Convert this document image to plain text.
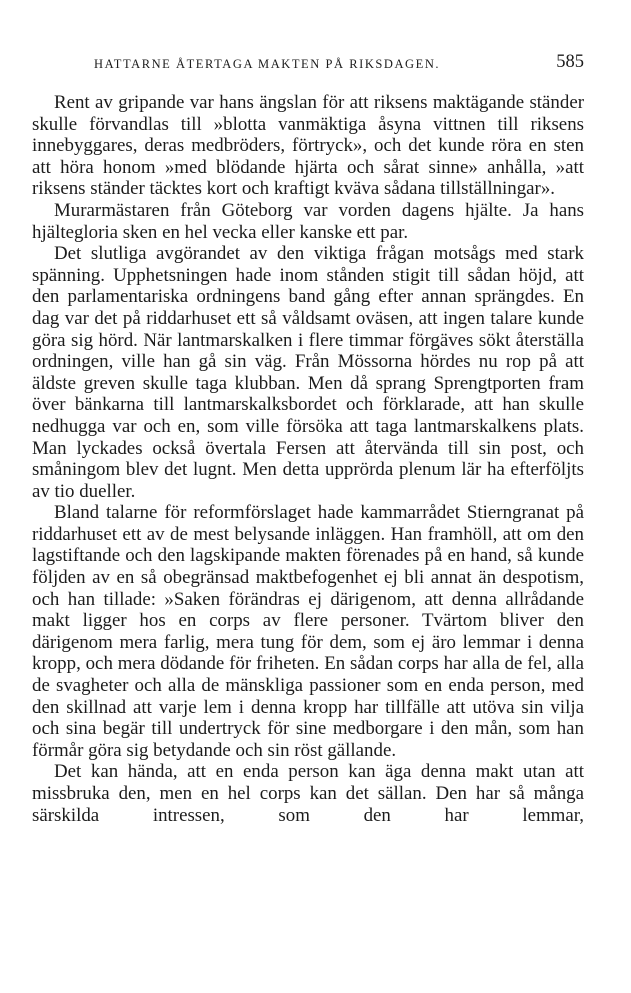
HATTARNE ÅTERTAGA MAKTEN PÅ RIKSDAGEN.	585

Rent av gripande var hans ängslan för att riksens maktägande ständer skulle förvandlas till »blotta vanmäktiga åsyna vittnen till riksens innebyggares, deras medbröders, förtryck», och det kunde röra en sten att höra honom »med blödande hjärta och sårat sinne» anhålla, »att riksens ständer täcktes kort och kraftigt kväva sådana tillställningar».

Murarmästaren från Göteborg var vorden dagens hjälte. Ja hans hjältegloria sken en hel vecka eller kanske ett par.

Det slutliga avgörandet av den viktiga frågan motsågs med stark spänning. Upphetsningen hade inom stånden stigit till sådan höjd, att den parlamentariska ordningens band gång efter annan sprängdes. En dag var det på riddarhuset ett så våldsamt oväsen, att ingen talare kunde göra sig hörd. När lantmarskalken i flere timmar förgäves sökt återställa ordningen, ville han gå sin väg. Från Mössorna hördes nu rop på att äldste greven skulle taga klubban. Men då sprang Sprengtporten fram över bänkarna till lantmarskalksbordet och förklarade, att han skulle nedhugga var och en, som ville försöka att taga lantmarskalkens plats. Man lyckades också övertala Fersen att återvända till sin post, och småningom blev det lugnt. Men detta upprörda plenum lär ha efterföljts av tio dueller.

Bland talarne för reformförslaget hade kammarrådet Stierngranat på riddarhuset ett av de mest belysande inläggen. Han framhöll, att om den lagstiftande och den lagskipande makten förenades på en hand, så kunde följden av en så obegränsad maktbefogenhet ej bli annat än despotism, och han tillade: »Saken förändras ej därigenom, att denna allrådande makt ligger hos en corps av flere personer. Tvärtom bliver den därigenom mera farlig, mera tung för dem, som ej äro lemmar i denna kropp, och mera dödande för friheten. En sådan corps har alla de fel, alla de svagheter och alla de mänskliga passioner som en enda person, med den skillnad att varje lem i denna kropp har tillfälle att utöva sin vilja och sina begär till undertryck för sine medborgare i den mån, som han förmår göra sig betydande och sin röst gällande.

Det kan hända, att en enda person kan äga denna makt utan att missbruka den, men en hel corps kan det sällan. Den har så många särskilda intressen, som den har lemmar,
